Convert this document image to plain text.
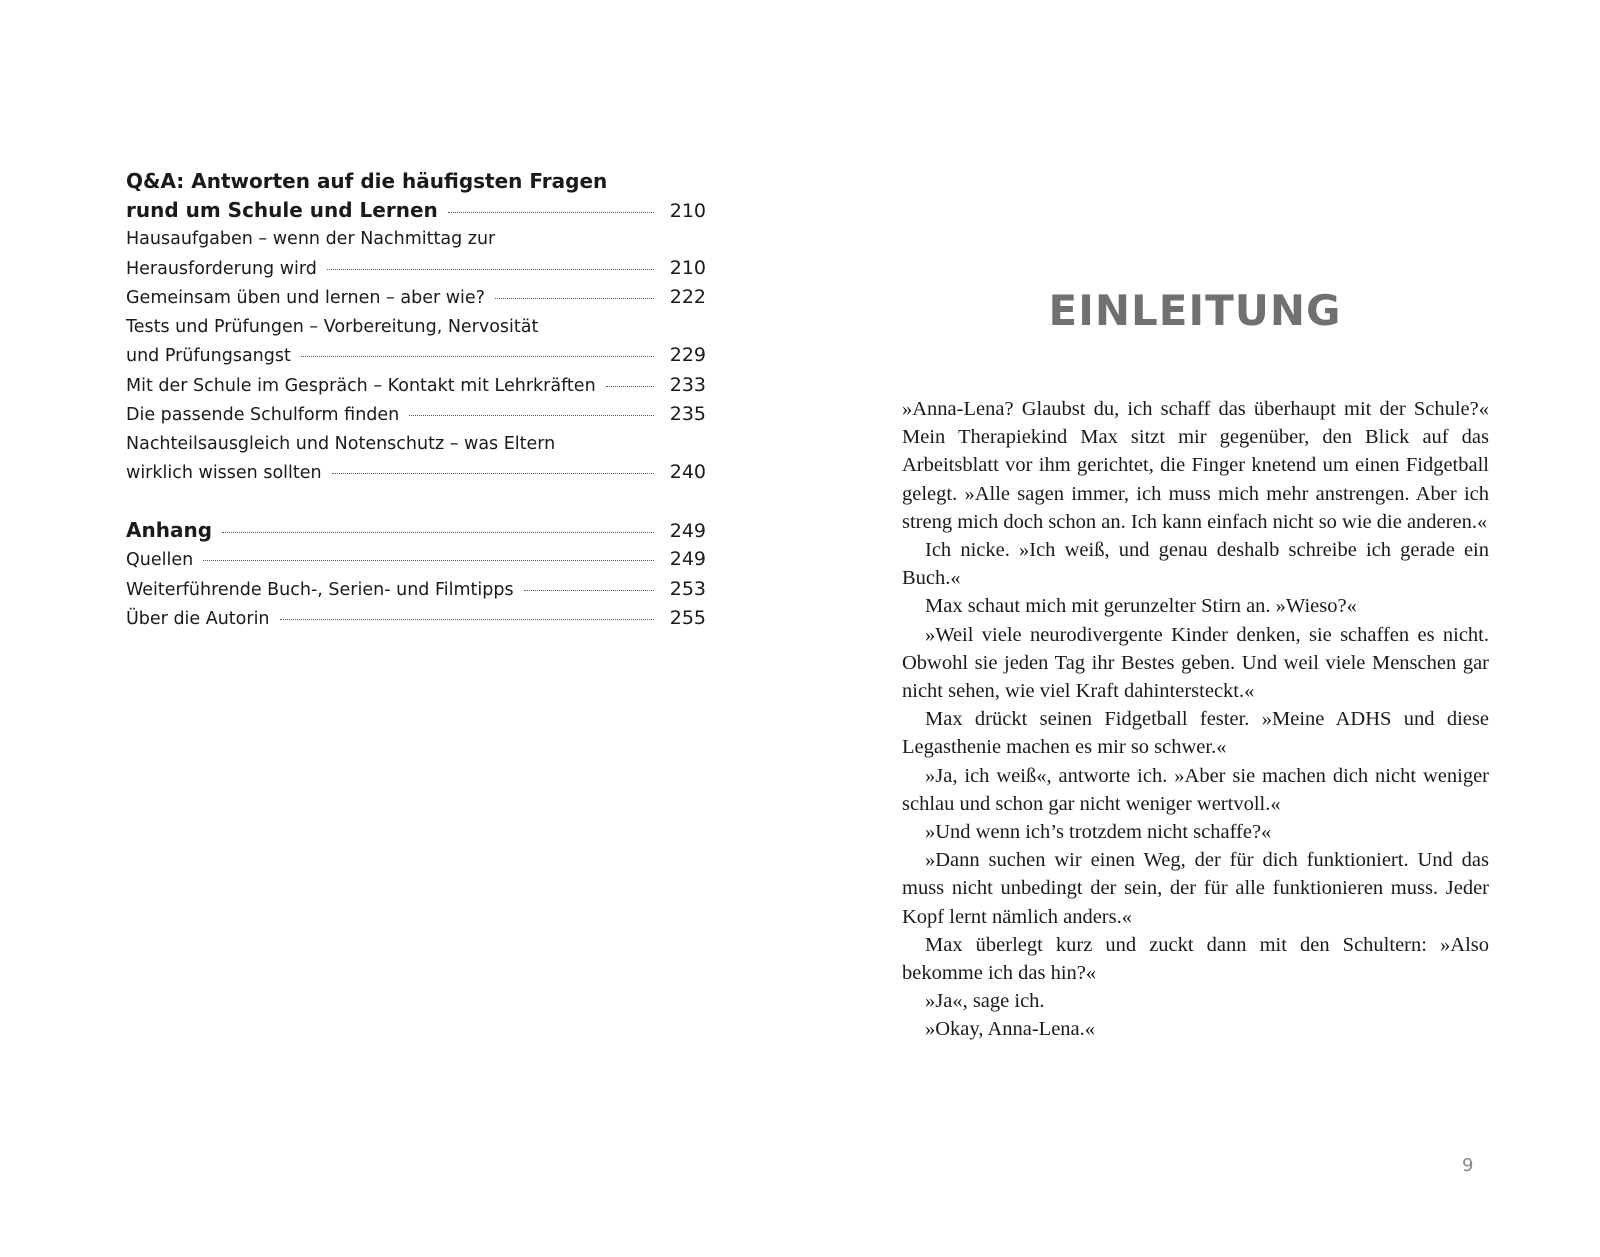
Q&A: Antworten auf die häufigsten Fragen
rund um Schule und Lernen	210
Hausaufgaben – wenn der Nachmittag zur
Herausforderung wird	210
Gemeinsam üben und lernen – aber wie?	222
Tests und Prüfungen – Vorbereitung, Nervosität
und Prüfungsangst	229
Mit der Schule im Gespräch – Kontakt mit Lehrkräften	233
Die passende Schulform finden	235
Nachteilsausgleich und Notenschutz – was Eltern
wirklich wissen sollten	240
Anhang	249
Quellen	249
Weiterführende Buch-, Serien- und Filmtipps	253
Über die Autorin	255
EINLEITUNG

»Anna-Lena? Glaubst du, ich schaff das überhaupt mit der Schule?« Mein Therapiekind Max sitzt mir gegenüber, den Blick auf das Arbeitsblatt vor ihm gerichtet, die Finger knetend um einen Fidgetball gelegt. »Alle sagen immer, ich muss mich mehr anstrengen. Aber ich streng mich doch schon an. Ich kann einfach nicht so wie die anderen.«

Ich nicke. »Ich weiß, und genau deshalb schreibe ich gerade ein Buch.«

Max schaut mich mit gerunzelter Stirn an. »Wieso?«

»Weil viele neurodivergente Kinder denken, sie schaffen es nicht. Obwohl sie jeden Tag ihr Bestes geben. Und weil viele Menschen gar nicht sehen, wie viel Kraft dahintersteckt.«

Max drückt seinen Fidgetball fester. »Meine ADHS und diese Legasthenie machen es mir so schwer.«

»Ja, ich weiß«, antworte ich. »Aber sie machen dich nicht weniger schlau und schon gar nicht weniger wertvoll.«

»Und wenn ich’s trotzdem nicht schaffe?«

»Dann suchen wir einen Weg, der für dich funktioniert. Und das muss nicht unbedingt der sein, der für alle funktionieren muss. Jeder Kopf lernt nämlich anders.«

Max überlegt kurz und zuckt dann mit den Schultern: »Also bekomme ich das hin?«

»Ja«, sage ich.

»Okay, Anna-Lena.«

9
